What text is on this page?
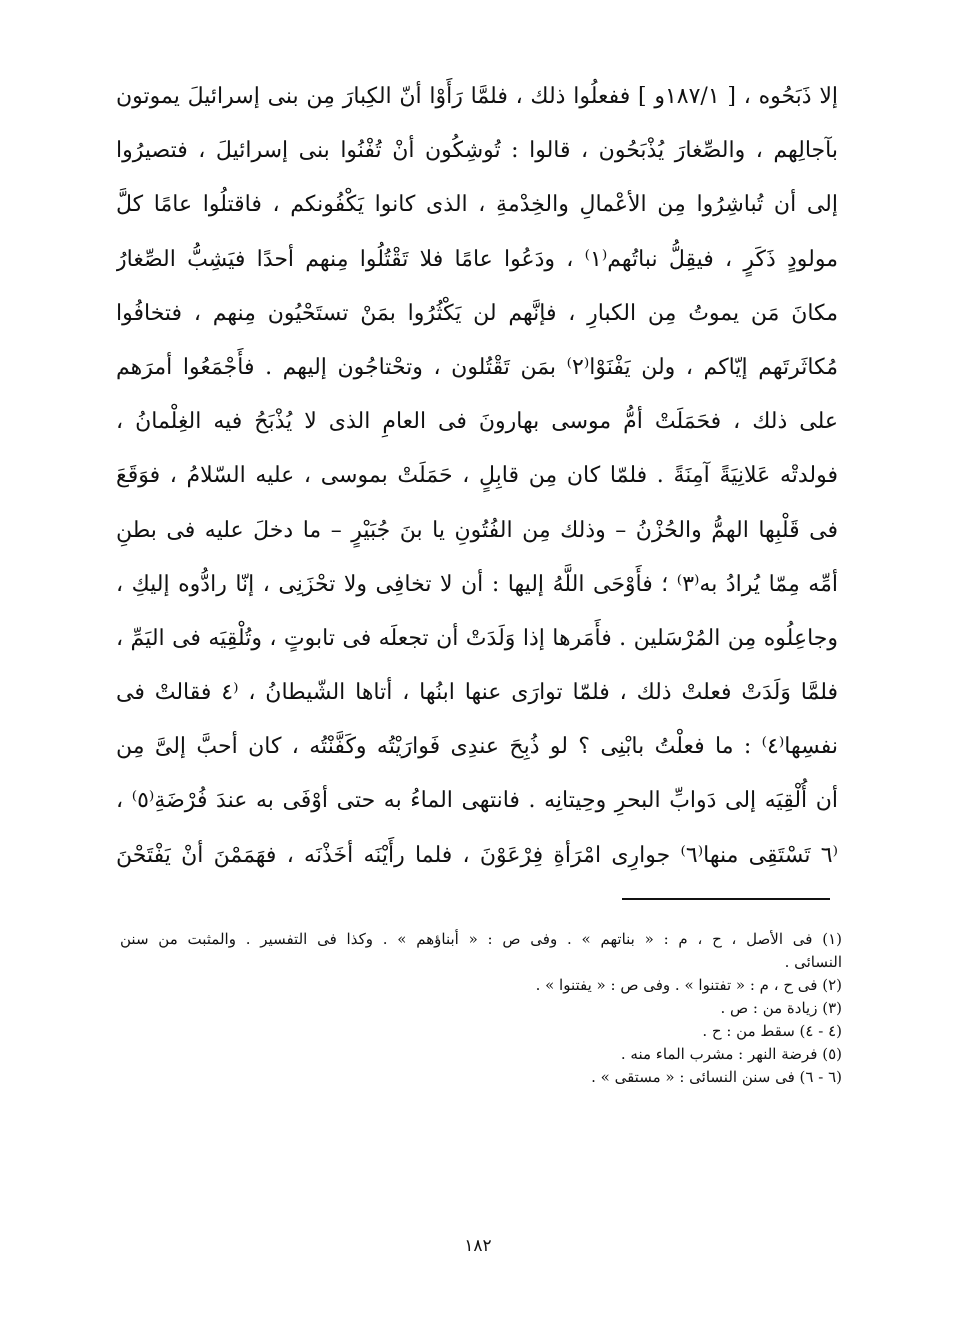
إلا ذَبَحُوه ، [ ١٨٧/١و ] ففعلُوا ذلك ، فلمَّا رَأَوْا أنّ الكِبارَ مِن بنى إسرائيلَ يموتون
بآجالِهم ، والصِّغارَ يُذْبَحُون ، قالوا : تُوشِكُون أنْ تُفْنُوا بنى إسرائيلَ ، فتصيرُوا
إلى أن تُباشِرُوا مِن الأعْمالِ والخِدْمةِ ، الذى كانوا يَكْفُونكم ، فاقتلُوا عامًا كلَّ
مولودٍ ذَكَرٍ ، فيقِلُّ نباتُهم⁽١⁾ ، ودَعُوا عامًا فلا تَقْتُلُوا مِنهم أحدًا فيَشِبُّ الصِّغارُ
مكانَ مَن يموتُ مِن الكبارِ ، فإنَّهم لن يَكْثُرُوا بمَنْ تستَحْيُون مِنهم ، فتخافُوا
مُكاثَرتَهم إيّاكم ، ولن يَفْنَوْا⁽٢⁾ بمَن تَقْتُلون ، وتحْتاجُون إليهم . فأَجْمَعُوا أمرَهم
على ذلك ، فحَمَلَتْ أمُّ موسى بهارونَ فى العامِ الذى لا يُذْبَحُ فيه الغِلْمانُ ،
فولدتْه عَلانِيَةً آمِنَةً . فلمّا كان مِن قابِلٍ ، حَمَلَتْ بموسى ، عليه السّلامُ ، فوَقَعَ
فى قَلْبِها الهمُّ والحُزْنُ – وذلك مِن الفُتُونِ يا بنَ جُبَيْرٍ – ما دخلَ عليه فى بطنِ
أمِّه مِمّا يُرادُ به⁽٣⁾ ؛ فأَوْحَى اللَّهُ إليها : أن لا تخافِى ولا تحْزَنِى ، إنّا رادُّوه إليكِ ،
وجاعِلُوه مِن المُرْسَلين . فأَمَرها إذا وَلَدَتْ أن تجعلَه فى تابوتٍ ، وتُلْقِيَه فى اليَمِّ ،
فلمَّا وَلَدَتْ فعلتْ ذلك ، فلمّا توارَى عنها ابنُها ، أتاها الشّيطانُ ، ⁽٤ فقالتْ فى
نفسِها⁽٤⁾ : ما فعلْتُ بابْنِى ؟ لو ذُبِحَ عندِى فَوارَيْتُه وكَفَّنْتُه ، كان أحبَّ إلىَّ مِن
أن أُلْقِيَه إلى دَوابِّ البحرِ وحِيتانِه . فانتهى الماءُ به حتى أوْفَى به عندَ فُرْضَةِ⁽٥⁾ ،
⁽٦ تَسْتَقِى منها⁽٦⁾ جوارِى امْرَأةِ فِرْعَوْنَ ، فلما رأَيْنَه أخَذْنَه ، فهَمَمْنَ أنْ يَفْتَحْنَ
(١) فى الأصل ، ح ، م : « بناتهم » . وفى ص : « أبناؤهم » . وكذا فى التفسير . والمثبت من سنن
النسائى .
(٢) فى ح ، م : « تفتنوا » . وفى ص : « يفتنوا » .
(٣) زيادة من : ص .
(٤ - ٤) سقط من : ح .
(٥) فرضة النهر : مشرب الماء منه .
(٦ - ٦) فى سنن النسائى : « مستقى » .
١٨٢
